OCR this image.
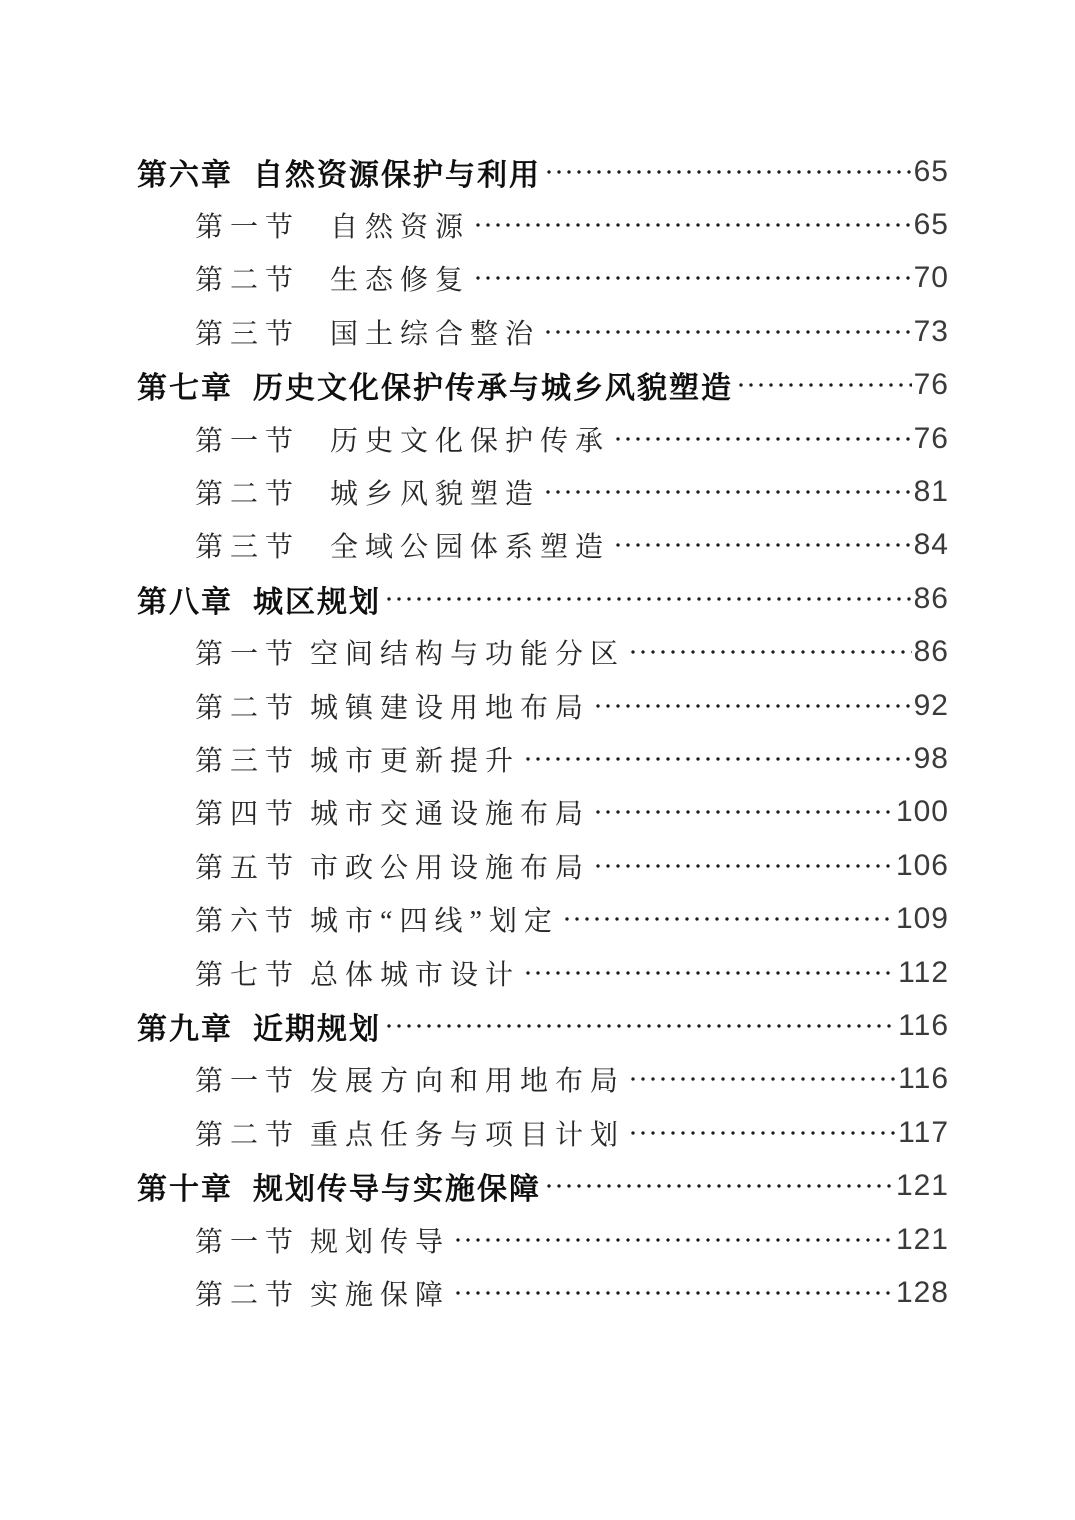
第六章 自然资源保护与利用	65
第一节 自然资源	65
第二节 生态修复	70
第三节 国土综合整治	73
第七章 历史文化保护传承与城乡风貌塑造	76
第一节 历史文化保护传承	76
第二节 城乡风貌塑造	81
第三节 全域公园体系塑造	84
第八章 城区规划	86
第一节 空间结构与功能分区	86
第二节 城镇建设用地布局	92
第三节 城市更新提升	98
第四节 城市交通设施布局	100
第五节 市政公用设施布局	106
第六节 城市“四线”划定	109
第七节 总体城市设计	112
第九章 近期规划	116
第一节 发展方向和用地布局	116
第二节 重点任务与项目计划	117
第十章 规划传导与实施保障	121
第一节 规划传导	121
第二节 实施保障	128
